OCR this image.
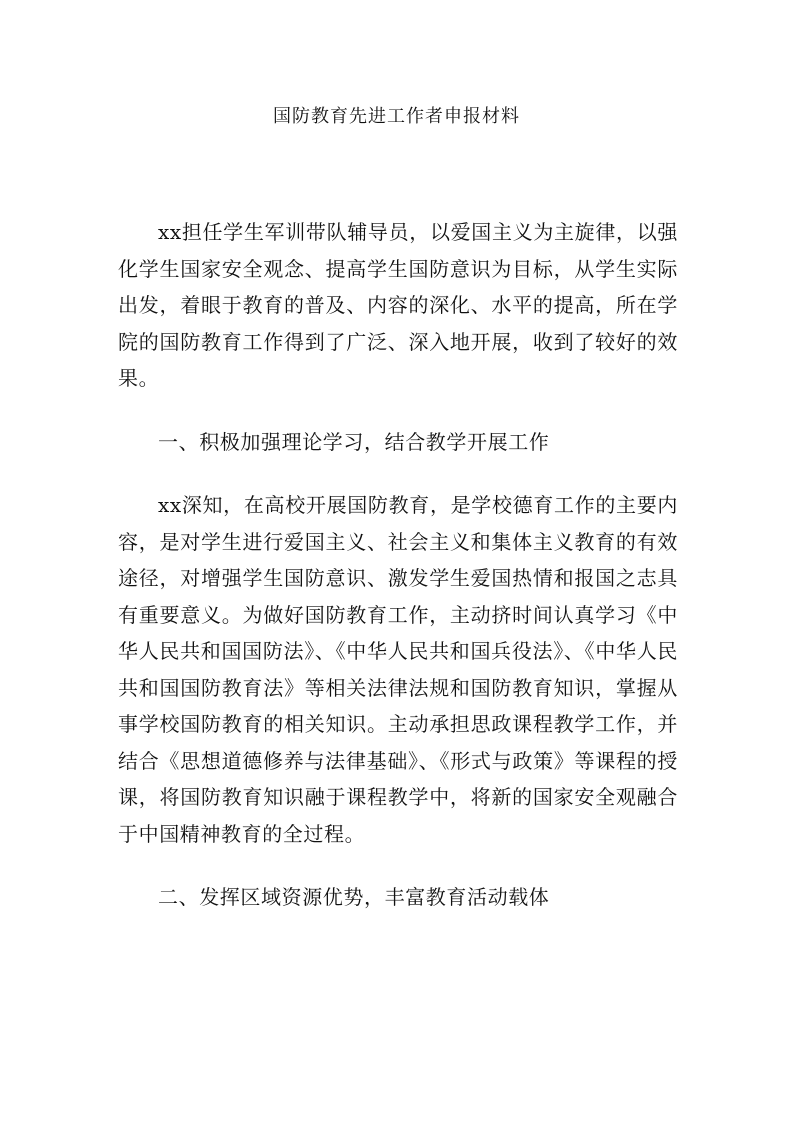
国防教育先进工作者申报材料

xx担任学生军训带队辅导员，以爱国主义为主旋律，以强化学生国家安全观念、提高学生国防意识为目标，从学生实际出发，着眼于教育的普及、内容的深化、水平的提高，所在学院的国防教育工作得到了广泛、深入地开展，收到了较好的效果。

一、积极加强理论学习，结合教学开展工作

xx深知，在高校开展国防教育，是学校德育工作的主要内容，是对学生进行爱国主义、社会主义和集体主义教育的有效途径，对增强学生国防意识、激发学生爱国热情和报国之志具有重要意义。为做好国防教育工作，主动挤时间认真学习《中华人民共和国国防法》、《中华人民共和国兵役法》、《中华人民共和国国防教育法》等相关法律法规和国防教育知识，掌握从事学校国防教育的相关知识。主动承担思政课程教学工作，并结合《思想道德修养与法律基础》、《形式与政策》等课程的授课，将国防教育知识融于课程教学中，将新的国家安全观融合于中国精神教育的全过程。

二、发挥区域资源优势，丰富教育活动载体
